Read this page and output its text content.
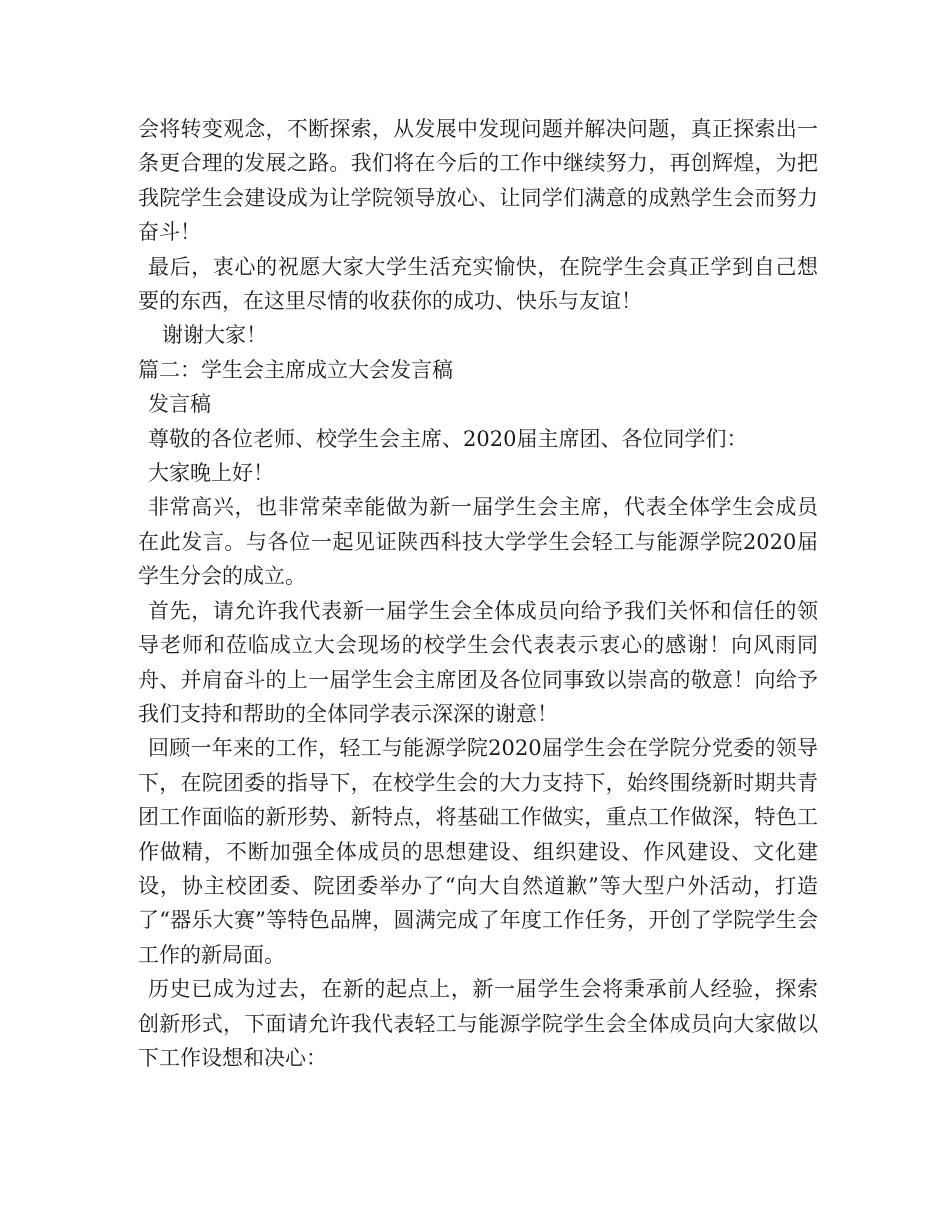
会将转变观念，不断探索，从发展中发现问题并解决问题，真正探索出一条更合理的发展之路。我们将在今后的工作中继续努力，再创辉煌，为把我院学生会建设成为让学院领导放心、让同学们满意的成熟学生会而努力奋斗！

最后，衷心的祝愿大家大学生活充实愉快，在院学生会真正学到自己想要的东西，在这里尽情的收获你的成功、快乐与友谊！

谢谢大家！

篇二：学生会主席成立大会发言稿

发言稿

尊敬的各位老师、校学生会主席、2020届主席团、各位同学们：

大家晚上好！

非常高兴，也非常荣幸能做为新一届学生会主席，代表全体学生会成员在此发言。与各位一起见证陕西科技大学学生会轻工与能源学院2020届学生分会的成立。

首先，请允许我代表新一届学生会全体成员向给予我们关怀和信任的领导老师和莅临成立大会现场的校学生会代表表示衷心的感谢！向风雨同舟、并肩奋斗的上一届学生会主席团及各位同事致以崇高的敬意！向给予我们支持和帮助的全体同学表示深深的谢意！

回顾一年来的工作，轻工与能源学院2020届学生会在学院分党委的领导下，在院团委的指导下，在校学生会的大力支持下，始终围绕新时期共青团工作面临的新形势、新特点，将基础工作做实，重点工作做深，特色工作做精，不断加强全体成员的思想建设、组织建设、作风建设、文化建设，协主校团委、院团委举办了“向大自然道歉”等大型户外活动，打造了“器乐大赛”等特色品牌，圆满完成了年度工作任务，开创了学院学生会工作的新局面。

历史已成为过去，在新的起点上，新一届学生会将秉承前人经验，探索创新形式，下面请允许我代表轻工与能源学院学生会全体成员向大家做以下工作设想和决心：
